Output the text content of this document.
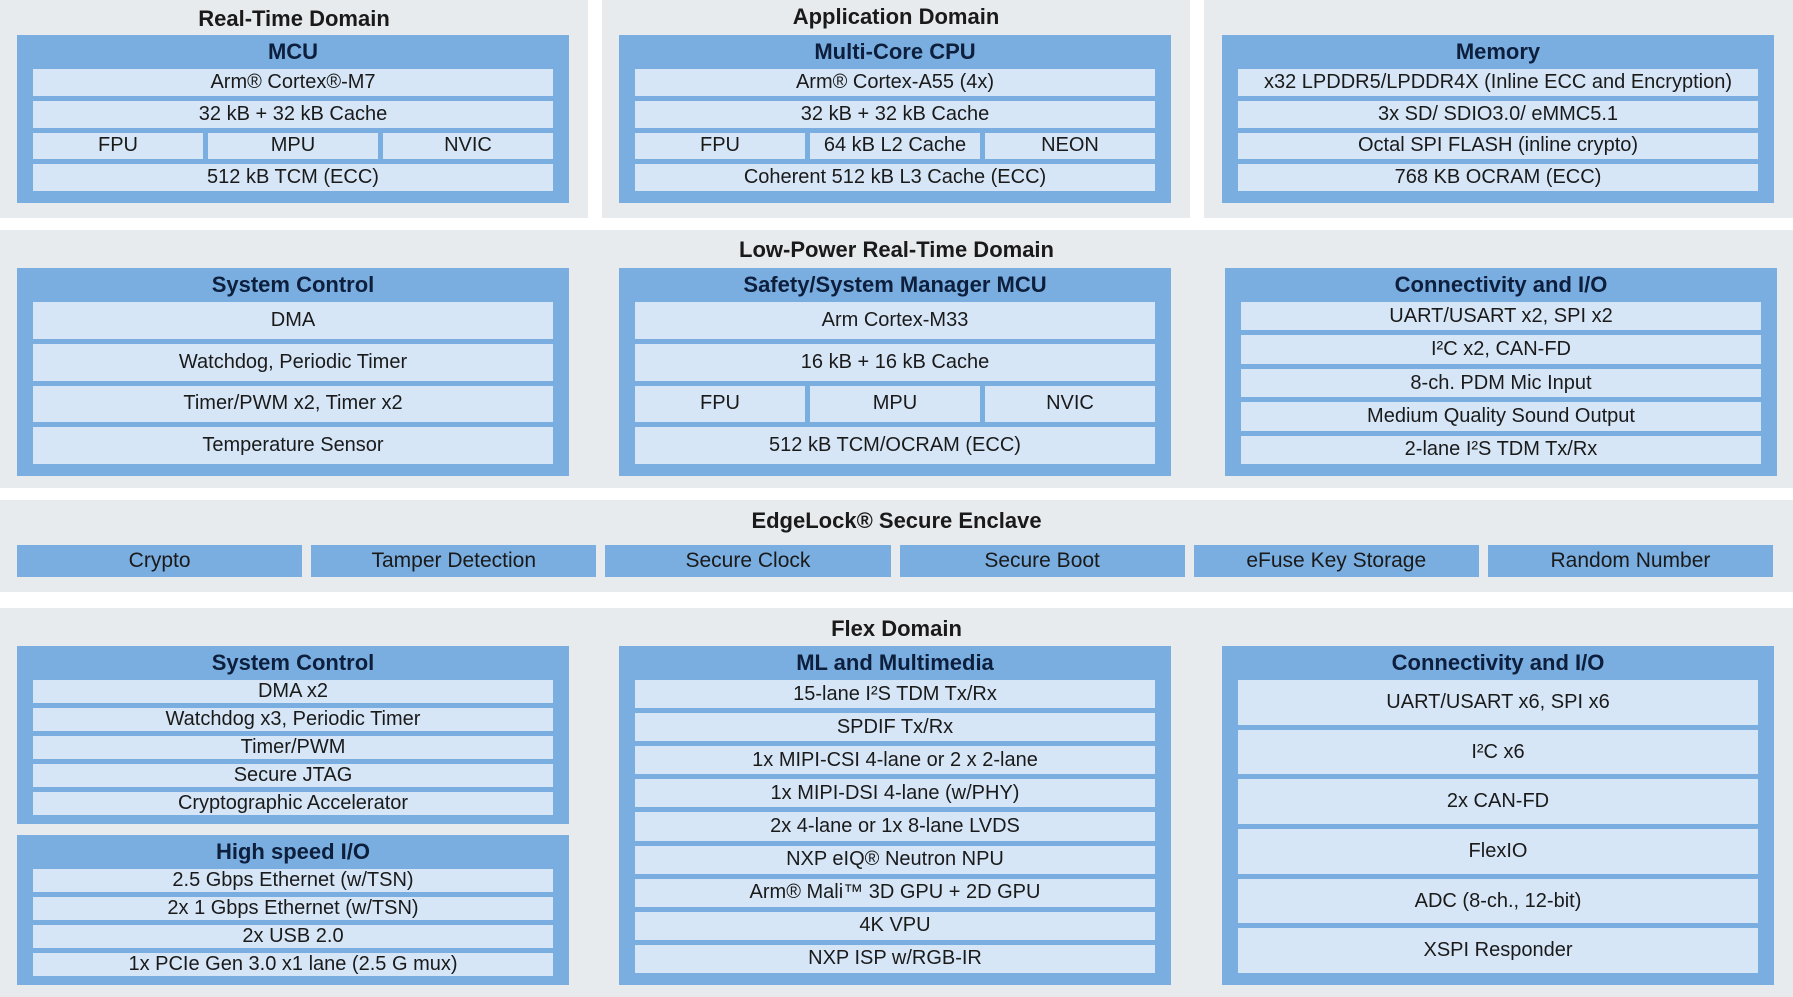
Real-Time Domain	Application Domain
Low-Power Real-Time Domain
EdgeLock® Secure Enclave
Flex Domain
MCU
Arm® Cortex®-M7
32 kB + 32 kB Cache
FPU	MPU	NVIC
512 kB TCM (ECC)
Multi-Core CPU
Arm® Cortex-A55 (4x)
32 kB + 32 kB Cache
FPU	64 kB L2 Cache	NEON
Coherent 512 kB L3 Cache (ECC)
Memory
x32 LPDDR5/LPDDR4X (Inline ECC and Encryption)
3x SD/ SDIO3.0/ eMMC5.1
Octal SPI FLASH (inline crypto)
768 KB OCRAM (ECC)
System Control
DMA
Watchdog, Periodic Timer
Timer/PWM x2, Timer x2
Temperature Sensor
Safety/System Manager MCU
Arm Cortex-M33
16 kB + 16 kB Cache
FPU	MPU	NVIC
512 kB TCM/OCRAM (ECC)
Connectivity and I/O
UART/USART x2, SPI x2
I²C x2, CAN-FD
8-ch. PDM Mic Input
Medium Quality Sound Output
2-lane I²S TDM Tx/Rx
System Control
DMA x2
Watchdog x3, Periodic Timer
Timer/PWM
Secure JTAG
Cryptographic Accelerator
High speed I/O
2.5 Gbps Ethernet (w/TSN)
2x 1 Gbps Ethernet (w/TSN)
2x USB 2.0
1x PCIe Gen 3.0 x1 lane (2.5 G mux)
ML and Multimedia
15-lane I²S TDM Tx/Rx
SPDIF Tx/Rx
1x MIPI-CSI 4-lane or 2 x 2-lane
1x MIPI-DSI 4-lane (w/PHY)
2x 4-lane or 1x 8-lane LVDS
NXP eIQ® Neutron NPU
Arm® Mali™ 3D GPU + 2D GPU
4K VPU
NXP ISP w/RGB-IR
Connectivity and I/O
UART/USART x6, SPI x6
I²C x6
2x CAN-FD
FlexIO
ADC (8-ch., 12-bit)
XSPI Responder
Crypto	Tamper Detection	Secure Clock	Secure Boot	eFuse Key Storage	Random Number
